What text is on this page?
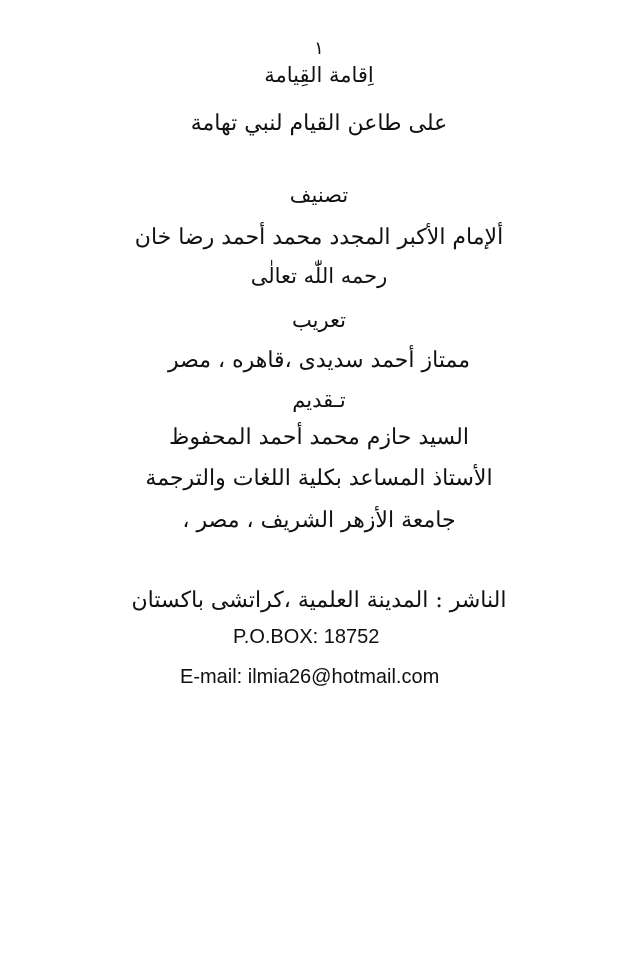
۱
اِقامة القِيامة
على طاعن القيام لنبي تهامة
تصنيف
ألإمام الأكبر المجدد محمد أحمد رضا خان
رحمه اللّٰه تعالٰى
تعريب
ممتاز أحمد سديدى ،قاهره ، مصر
تـقديم
السيد حازم محمد أحمد المحفوظ
الأستاذ المساعد بكلية اللغات والترجمة
جامعة الأزهر الشريف ، مصر ،
الناشر : المدينة العلمية ،كراتشى باكستان
P.O.BOX: 18752
E-mail: ilmia26@hotmail.com
